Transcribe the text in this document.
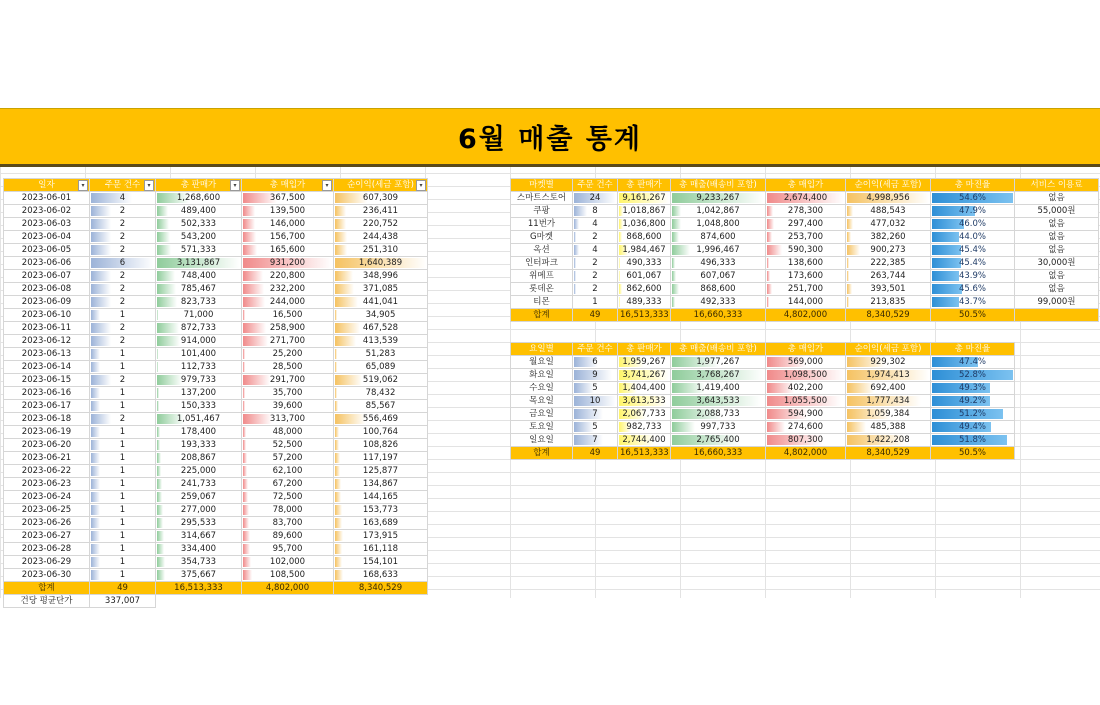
6월 매출 통계
일자 ▾	주문 건수 ▾	총 판매가 ▾	총 매입가 ▾	순이익(세금 포함) ▾

2023-06-01	4	1,268,600	367,500	607,309
2023-06-02	2	489,400	139,500	236,411
2023-06-03	2	502,333	146,000	220,752
2023-06-04	2	543,200	156,700	244,438
2023-06-05	2	571,333	165,600	251,310
2023-06-06	6	3,131,867	931,200	1,640,389
2023-06-07	2	748,400	220,800	348,996
2023-06-08	2	785,467	232,200	371,085
2023-06-09	2	823,733	244,000	441,041
2023-06-10	1	71,000	16,500	34,905
2023-06-11	2	872,733	258,900	467,528
2023-06-12	2	914,000	271,700	413,539
2023-06-13	1	101,400	25,200	51,283
2023-06-14	1	112,733	28,500	65,089
2023-06-15	2	979,733	291,700	519,062
2023-06-16	1	137,200	35,700	78,432
2023-06-17	1	150,333	39,600	85,567
2023-06-18	2	1,051,467	313,700	556,469
2023-06-19	1	178,400	48,000	100,764
2023-06-20	1	193,333	52,500	108,826
2023-06-21	1	208,867	57,200	117,197
2023-06-22	1	225,000	62,100	125,877
2023-06-23	1	241,733	67,200	134,867
2023-06-24	1	259,067	72,500	144,165
2023-06-25	1	277,000	78,000	153,773
2023-06-26	1	295,533	83,700	163,689
2023-06-27	1	314,667	89,600	173,915
2023-06-28	1	334,400	95,700	161,118
2023-06-29	1	354,733	102,000	154,101
2023-06-30	1	375,667	108,500	168,633
합계	49	16,513,333	4,802,000	8,340,529
건당 평균단가	337,007			
마켓별	주문 건수	총 판매가	총 매출(배송비 포함)	총 매입가	순이익(세금 포함)	총 마진율	서비스 이용료
스마트스토어	24	9,161,267	9,233,267	2,674,400	4,998,956	54.6%	없음
쿠팡	8	1,018,867	1,042,867	278,300	488,543	47.9%	55,000원
11번가	4	1,036,800	1,048,800	297,400	477,032	46.0%	없음
G마켓	2	868,600	874,600	253,700	382,260	44.0%	없음
옥션	4	1,984,467	1,996,467	590,300	900,273	45.4%	없음
인터파크	2	490,333	496,333	138,600	222,385	45.4%	30,000원
위메프	2	601,067	607,067	173,600	263,744	43.9%	없음
롯데온	2	862,600	868,600	251,700	393,501	45.6%	없음
티몬	1	489,333	492,333	144,000	213,835	43.7%	99,000원
합계	49	16,513,333	16,660,333	4,802,000	8,340,529	50.5%	
요일별	주문 건수	총 판매가	총 매출(배송비 포함)	총 매입가	순이익(세금 포함)	총 마진율
월요일	6	1,959,267	1,977,267	569,000	929,302	47.4%
화요일	9	3,741,267	3,768,267	1,098,500	1,974,413	52.8%
수요일	5	1,404,400	1,419,400	402,200	692,400	49.3%
목요일	10	3,613,533	3,643,533	1,055,500	1,777,434	49.2%
금요일	7	2,067,733	2,088,733	594,900	1,059,384	51.2%
토요일	5	982,733	997,733	274,600	485,388	49.4%
일요일	7	2,744,400	2,765,400	807,300	1,422,208	51.8%
합계	49	16,513,333	16,660,333	4,802,000	8,340,529	50.5%
